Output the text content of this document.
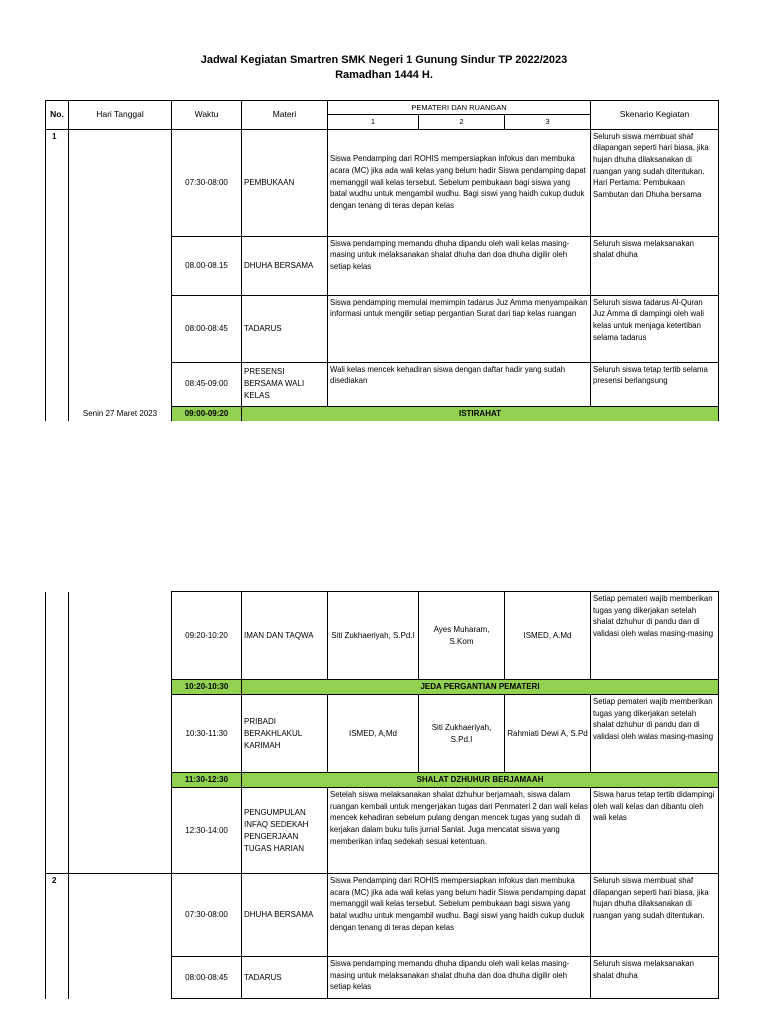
Jadwal Kegiatan Smartren SMK Negeri 1 Gunung Sindur TP 2022/2023
Ramadhan 1444 H.
No.	Hari Tanggal	Waktu	Materi	PEMATERI DAN RUANGAN			Skenario Kegiatan
				1	2	3	
1	Senin 27 Maret 2023	07:30-08:00	PEMBUKAAN	Siswa Pendamping dari ROHIS mempersiapkan infokus dan membuka acara (MC) jika ada wali kelas yang belum hadir Siswa pendamping dapat memanggil wali kelas tersebut. Sebelum pembukaan bagi siswa yang batal wudhu untuk mengambil wudhu. Bagi siswi yang haidh cukup duduk dengan tenang di teras depan kelas			Seluruh siswa membuat shaf dilapangan seperti hari biasa, jika hujan dhuha dilaksanakan di ruangan yang sudah ditentukan. Hari Pertama: Pembukaan Sambutan dan Dhuha bersama
		08.00-08.15	DHUHA BERSAMA	Siswa pendamping memandu dhuha dipandu oleh wali kelas masing-masing untuk melaksanakan shalat dhuha dan doa dhuha digilir oleh setiap kelas			Seluruh siswa melaksanakan shalat dhuha
		08:00-08:45	TADARUS	Siswa pendamping memulai memimpin tadarus Juz Amma menyampaikan informasi untuk mengilir setiap pergantian Surat dari tiap kelas ruangan			Seluruh siswa tadarus Al-Quran Juz Amma di dampingi oleh wali kelas untuk menjaga ketertiban selama tadarus
		08:45-09:00	PRESENSI BERSAMA WALI KELAS	Wali kelas mencek kehadiran siswa dengan daftar hadir yang sudah disediakan			Seluruh siswa tetap tertib selama presensi berlangsung
		09:00-09:20	ISTIRAHAT				
		09:20-10:20	IMAN DAN TAQWA	Siti Zukhaeriyah, S.Pd.I	Ayes Muharam, S.Kom	ISMED, A.Md	Setiap pemateri wajib memberikan tugas yang dikerjakan setelah shalat dzhuhur di pandu dan di validasi oleh walas masing-masing
		10:20-10:30	JEDA PERGANTIAN PEMATERI				
		10:30-11:30	PRIBADI BERAKHLAKUL KARIMAH	ISMED, A,Md	Siti Zukhaeriyah, S.Pd.I	Rahmiati Dewi A, S.Pd	Setiap pemateri wajib memberikan tugas yang dikerjakan setelah shalat dzhuhur di pandu dan di validasi oleh walas masing-masing
		11:30-12:30	SHALAT DZHUHUR BERJAMAAH				
		12:30-14:00	PENGUMPULAN INFAQ SEDEKAH PENGERJAAN TUGAS HARIAN	Setelah siswa melaksanakan shalat dzhuhur berjamaah, siswa dalam ruangan kembali untuk mengerjakan tugas dari Penmateri 2 dan wali kelas mencek kehadiran sebelum pulang dengan mencek tugas yang sudah di kerjakan dalam buku tulis jurnal Sanlat. Juga mencatat siswa yang memberikan infaq sedekah sesuai ketentuan.			Siswa harus tetap tertib didampingi oleh wali kelas dan dibantu oleh wali kelas

2		07:30-08:00	DHUHA BERSAMA	Siswa Pendamping dari ROHIS mempersiapkan infokus dan membuka acara (MC) jika ada wali kelas yang belum hadir Siswa pendamping dapat memanggil wali kelas tersebut. Sebelum pembukaan bagi siswa yang batal wudhu untuk mengambil wudhu. Bagi siswi yang haidh cukup duduk dengan tenang di teras depan kelas			Seluruh siswa membuat shaf dilapangan seperti hari biasa, jika hujan dhuha dilaksanakan di ruangan yang sudah ditentukan.
		08:00-08:45	TADARUS	Siswa pendamping memandu dhuha dipandu oleh wali kelas masing-masing untuk melaksanakan shalat dhuha dan doa dhuha digilir oleh setiap kelas			Seluruh siswa melaksanakan shalat dhuha
